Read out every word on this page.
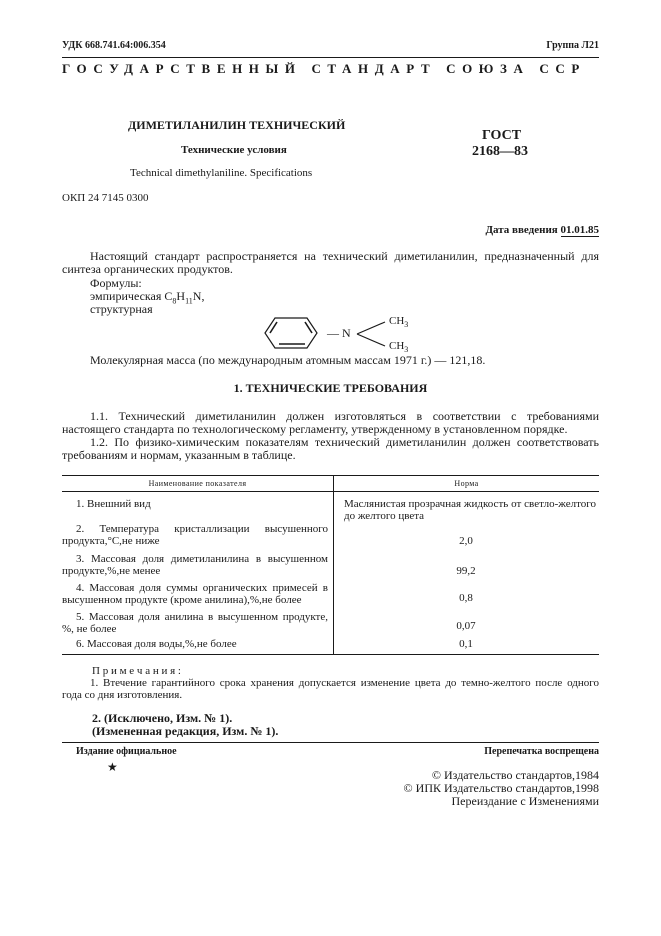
УДК 668.741.64:006.354	Группа Л21
ГОСУДАРСТВЕННЫЙ СТАНДАРТ СОЮЗА ССР
ДИМЕТИЛАНИЛИН ТЕХНИЧЕСКИЙ
Технические условия
Technical dimethylaniline. Specifications
ГОСТ
2168—83
ОКП 24 7145 0300
Дата введения 01.01.85
Настоящий стандарт распространяется на технический диметиланилин, предназначенный для синтеза органических продуктов.
Формулы:
эмпирическая $C_8H_{11}N$,
структурная
— N
$CH_3$
$CH_3$
Молекулярная масса (по международным атомным массам 1971 г.) — 121,18.
1. ТЕХНИЧЕСКИЕ ТРЕБОВАНИЯ
1.1. Технический диметиланилин должен изготовляться в соответствии с требованиями настоящего стандарта по технологическому регламенту, утвержденному в установленном порядке.
1.2. По физико-химическим показателям технический диметиланилин должен соответствовать требованиям и нормам, указанным в таблице.
Наименование показателя	Норма
1. Внешний вид	Маслянистая прозрачная жидкость от светло-желтого до желтого цвета
2. Температура кристаллизации высушенного продукта,°С,не ниже	2,0
3. Массовая доля диметиланилина в высушенном продукте,%,не менее	99,2
4. Массовая доля суммы органических примесей в высушенном продукте (кроме анилина),%,не более	0,8
5. Массовая доля анилина в высушенном продукте, %, не более	0,07
6. Массовая доля воды,%,не более	0,1
П р и м е ч а н и я :
1. Втечение гарантийного срока хранения допускается изменение цвета до темно-желтого после одного года со дня изготовления.
2. (Исключено, Изм. № 1).
(Измененная редакция, Изм. № 1).
Издание официальное	Перепечатка воспрещена
★
© Издательство стандартов,1984
© ИПК Издательство стандартов,1998
Переиздание с Изменениями
